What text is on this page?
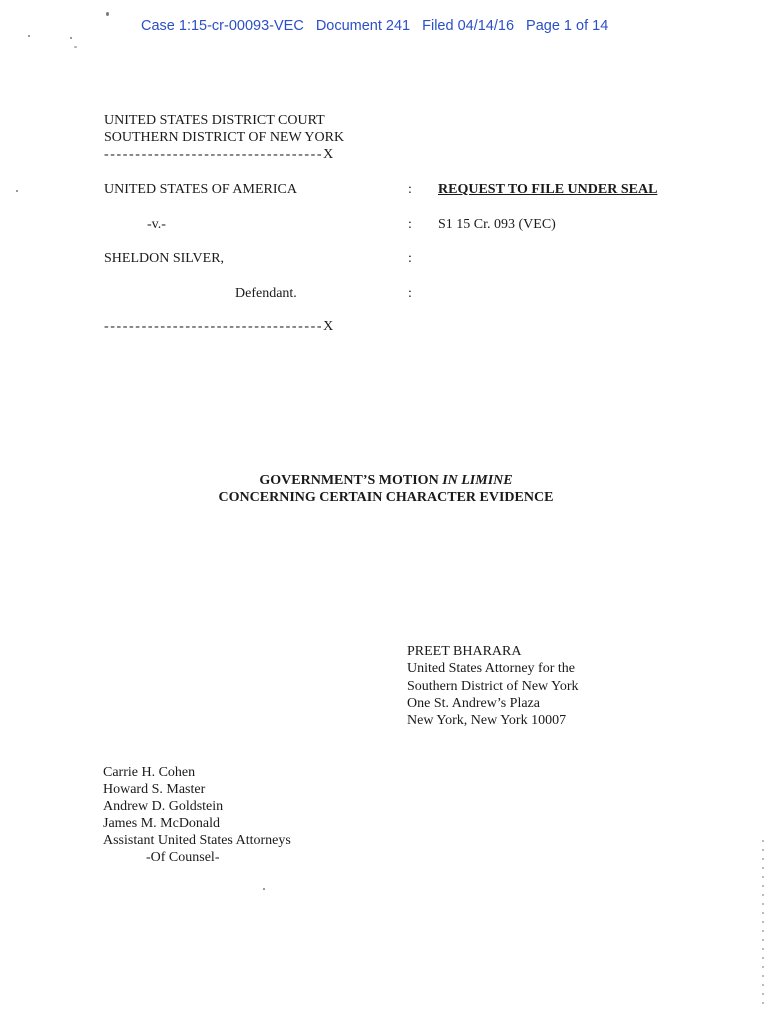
Case 1:15-cr-00093-VEC Document 241 Filed 04/14/16 Page 1 of 14
UNITED STATES DISTRICT COURT
SOUTHERN DISTRICT OF NEW YORK
-----------------------------------X
UNITED STATES OF AMERICA
-v.-
SHELDON SILVER,
Defendant.
:
:
:
:
REQUEST TO FILE UNDER SEAL
S1 15 Cr. 093 (VEC)
-----------------------------------X
GOVERNMENT’S MOTION IN LIMINE
CONCERNING CERTAIN CHARACTER EVIDENCE
PREET BHARARA
United States Attorney for the
Southern District of New York
One St. Andrew’s Plaza
New York, New York 10007
Carrie H. Cohen
Howard S. Master
Andrew D. Goldstein
James M. McDonald
Assistant United States Attorneys
-Of Counsel-
